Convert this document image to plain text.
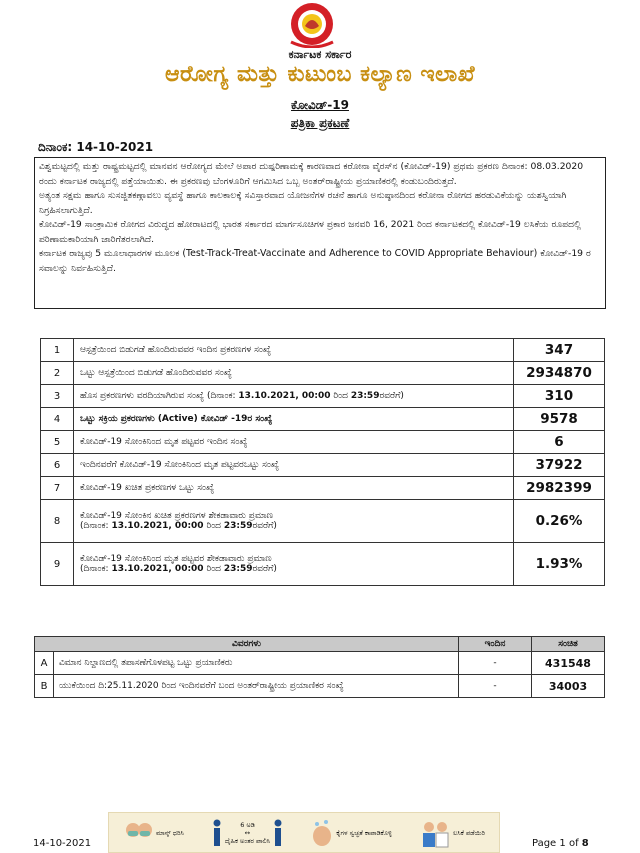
ಕರ್ನಾಟಕ ಸರ್ಕಾರ
ಆರೋಗ್ಯ ಮತ್ತು ಕುಟುಂಬ ಕಲ್ಯಾಣ ಇಲಾಖೆ
ಕೋವಿಡ್-19
ಪತ್ರಿಕಾ ಪ್ರಕಟಣೆ
ದಿನಾಂಕ: 14-10-2021

ವಿಶ್ವಮಟ್ಟದಲ್ಲಿ ಮತ್ತು ರಾಷ್ಟ್ರಮಟ್ಟದಲ್ಲಿ ಮಾನವನ ಆರೋಗ್ಯದ ಮೇಲೆ ಅಪಾರ ದುಷ್ಪರಿಣಾಮಕ್ಕೆ ಕಾರಣವಾದ ಕರೋನಾ ವೈರಸ್‌ನ (ಕೋವಿಡ್-19) ಪ್ರಥಮ ಪ್ರಕರಣ ದಿನಾಂಕ: 08.03.2020 ರಂದು ಕರ್ನಾಟಕ ರಾಜ್ಯದಲ್ಲಿ ಪತ್ತೆಯಾಯಿತು. ಈ ಪ್ರಕರಣವು ಬೆಂಗಳೂರಿಗೆ ಆಗಮಿಸಿದ ಒಬ್ಬ ಅಂತರ್‌ರಾಷ್ಟ್ರೀಯ ಪ್ರಯಾಣಿಕರಲ್ಲಿ ಕಂಡುಬಂದಿರುತ್ತದೆ.

ಅತ್ಯಂತ ಸಕ್ಷಮ ಹಾಗೂ ಸುಸಜ್ಜಿತಕಣ್ಗಾವಲು ವ್ಯವಸ್ಥೆ ಹಾಗೂ ಕಾಲಕಾಲಕ್ಕೆ ಸವಿಸ್ತಾರವಾದ ಯೋಜನೆಗಳ ರಚನೆ ಹಾಗೂ ಅನುಷ್ಠಾನದಿಂದ ಕರೋನಾ ರೋಗದ ಹರಡುವಿಕೆಯನ್ನು ಯಶಸ್ವಿಯಾಗಿ ನಿಗ್ರಹಿಸಲಾಗುತ್ತಿದೆ.

ಕೋವಿಡ್-19 ಸಾಂಕ್ರಾಮಿಕ ರೋಗದ ವಿರುದ್ಧದ ಹೋರಾಟದಲ್ಲಿ ಭಾರತ ಸರ್ಕಾರದ ಮಾರ್ಗಸೂಚಿಗಳ ಪ್ರಕಾರ ಜನವರಿ 16, 2021 ರಿಂದ ಕರ್ನಾಟಕದಲ್ಲಿ ಕೋವಿಡ್-19 ಲಸಿಕೆಯ ರೂಪದಲ್ಲಿ ಪರಿಣಾಮಕಾರಿಯಾಗಿ ಜಾರಿಗೆತರಲಾಗಿದೆ.

ಕರ್ನಾಟಕ ರಾಜ್ಯವು 5 ಮೂಲಾಧಾರಗಳ ಮೂಲಕ (Test-Track-Treat-Vaccinate and Adherence to COVID Appropriate Behaviour) ಕೋವಿಡ್-19 ರ ಸವಾಲನ್ನು ನಿರ್ವಹಿಸುತ್ತಿದೆ.

1	ಆಸ್ಪತ್ರೆಯಿಂದ ಬಿಡುಗಡೆ ಹೊಂದಿರುವವರ ಇಂದಿನ ಪ್ರಕರಣಗಳ ಸಂಖ್ಯೆ	347
2	ಒಟ್ಟು ಆಸ್ಪತ್ರೆಯಿಂದ ಬಿಡುಗಡೆ ಹೊಂದಿರುವವರ ಸಂಖ್ಯೆ	2934870
3	ಹೊಸ ಪ್ರಕರಣಗಳು ವರದಿಯಾಗಿರುವ ಸಂಖ್ಯೆ (ದಿನಾಂಕ: 13.10.2021, 00:00 ರಿಂದ 23:59ರವರೆಗೆ)	310
4	ಒಟ್ಟು ಸಕ್ರಿಯ ಪ್ರಕರಣಗಳು (Active) ಕೋವಿಡ್ -19ರ ಸಂಖ್ಯೆ	9578
5	ಕೋವಿಡ್-19 ಸೋಂಕಿನಿಂದ ಮೃತ ಪಟ್ಟವರ ಇಂದಿನ ಸಂಖ್ಯೆ	6
6	ಇಂದಿನವರೆಗೆ ಕೋವಿಡ್-19 ಸೋಂಕಿನಿಂದ ಮೃತ ಪಟ್ಟವರಒಟ್ಟು ಸಂಖ್ಯೆ	37922
7	ಕೋವಿಡ್-19 ಖಚಿತ ಪ್ರಕರಣಗಳ ಒಟ್ಟು ಸಂಖ್ಯೆ	2982399
8	ಕೋವಿಡ್-19 ಸೋಂಕಿನ ಖಚಿತ ಪ್ರಕರಣಗಳ ಶೇಕಡಾವಾರು ಪ್ರಮಾಣ
(ದಿನಾಂಕ: 13.10.2021, 00:00 ರಿಂದ 23:59ರವರೆಗೆ)	0.26%
9	ಕೋವಿಡ್-19 ಸೋಂಕಿನಿಂದ ಮೃತ ಪಟ್ಟವರ ಶೇಕಡಾವಾರು ಪ್ರಮಾಣ
(ದಿನಾಂಕ: 13.10.2021, 00:00 ರಿಂದ 23:59ರವರೆಗೆ)	1.93%
ವಿವರಗಳು		ಇಂದಿನ	ಸಂಚಿತ
A	ವಿಮಾನ ನಿಲ್ದಾಣದಲ್ಲಿ ತಪಾಸಣೆಗೊಳಪಟ್ಟ ಒಟ್ಟು ಪ್ರಯಾಣಿಕರು	-	431548
B	ಯುಕೆಯಿಂದ ದಿ:25.11.2020 ರಿಂದ ಇಂದಿನವರೆಗೆ ಬಂದ ಅಂತರ್‌ರಾಷ್ಟ್ರೀಯ ಪ್ರಯಾಣಿಕರ ಸಂಖ್ಯೆ	-	34003
ಮಾಸ್ಕ್ ಧರಿಸಿ
6 ಅಡಿ
↔
ದೈಹಿಕ ಅಂತರ ಪಾಲಿಸಿ
ಕೈಗಳ ಸ್ವಚ್ಛತೆ ಕಾಪಾಡಿಕೊಳ್ಳಿ	ಲಸಿಕೆ ಪಡೆಯಿರಿ
14-10-2021	Page 1 of 8
